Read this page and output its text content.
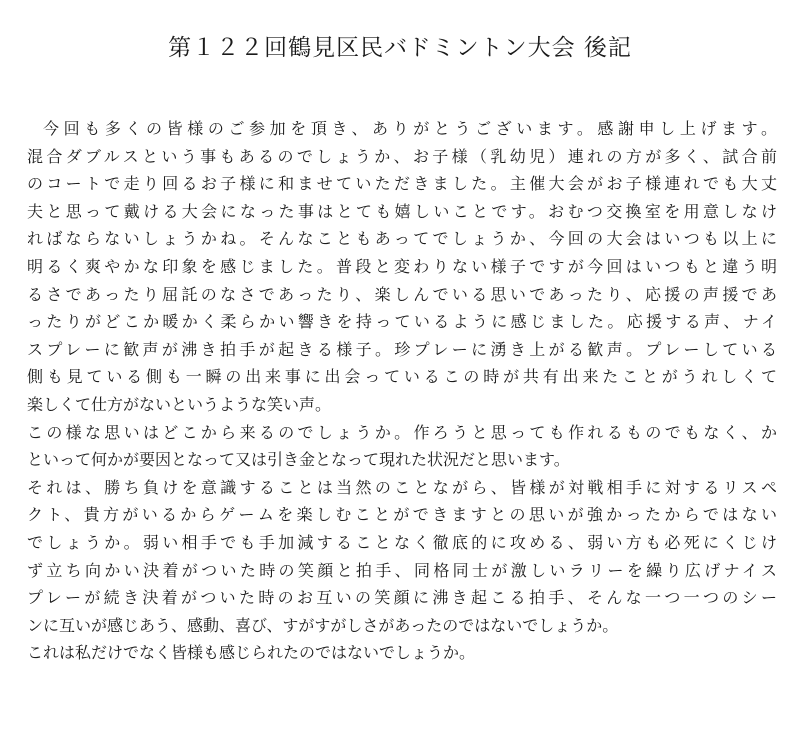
第１２２回鶴見区民バドミントン大会 後記
今回も多くの皆様のご参加を頂き、ありがとうございます。感謝申し上げます。
混合ダブルスという事もあるのでしょうか、お子様（乳幼児）連れの方が多く、試合前
のコートで走り回るお子様に和ませていただきました。主催大会がお子様連れでも大丈
夫と思って戴ける大会になった事はとても嬉しいことです。おむつ交換室を用意しなけ
ればならないしょうかね。そんなこともあってでしょうか、今回の大会はいつも以上に
明るく爽やかな印象を感じました。普段と変わりない様子ですが今回はいつもと違う明
るさであったり屈託のなさであったり、楽しんでいる思いであったり、応援の声援であ
ったりがどこか暖かく柔らかい響きを持っているように感じました。応援する声、ナイ
スプレーに歓声が沸き拍手が起きる様子。珍プレーに湧き上がる歓声。プレーしている
側も見ている側も一瞬の出来事に出会っているこの時が共有出来たことがうれしくて
楽しくて仕方がないというような笑い声。
この様な思いはどこから来るのでしょうか。作ろうと思っても作れるものでもなく、か
といって何かが要因となって又は引き金となって現れた状況だと思います。
それは、勝ち負けを意識することは当然のことながら、皆様が対戦相手に対するリスペ
クト、貴方がいるからゲームを楽しむことができますとの思いが強かったからではない
でしょうか。弱い相手でも手加減することなく徹底的に攻める、弱い方も必死にくじけ
ず立ち向かい決着がついた時の笑顔と拍手、同格同士が激しいラリーを繰り広げナイス
プレーが続き決着がついた時のお互いの笑顔に沸き起こる拍手、そんな一つ一つのシー
ンに互いが感じあう、感動、喜び、すがすがしさがあったのではないでしょうか。
これは私だけでなく皆様も感じられたのではないでしょうか。
